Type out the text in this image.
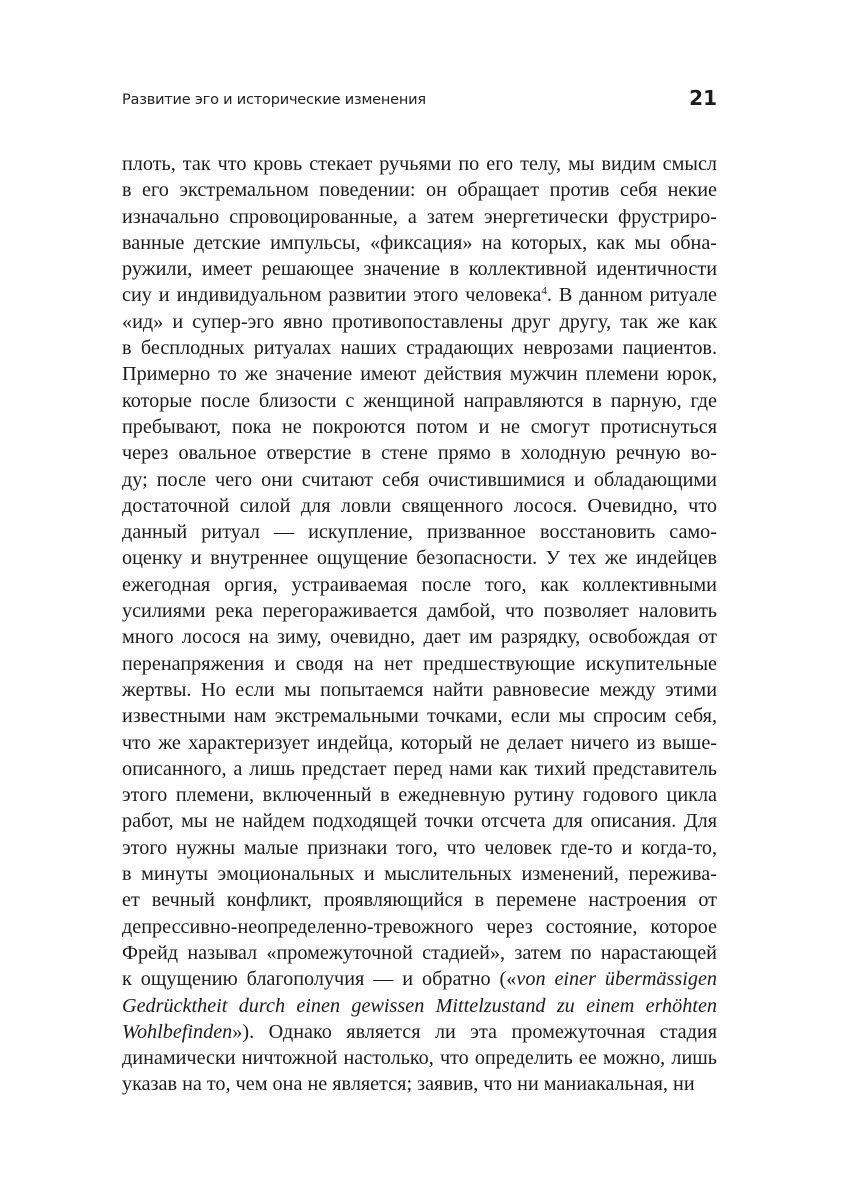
Развитие эго и исторические изменения	21
плоть, так что кровь стекает ручьями по его телу, мы видим смысл
в его экстремальном поведении: он обращает против себя некие
изначально спровоцированные, а затем энергетически фрустриро-
ванные детские импульсы, «фиксация» на которых, как мы обна-
ружили, имеет решающее значение в коллективной идентичности
сиу и индивидуальном развитии этого человека$^4$. В данном ритуале
«ид» и супер-эго явно противопоставлены друг другу, так же как
в бесплодных ритуалах наших страдающих неврозами пациентов.
Примерно то же значение имеют действия мужчин племени юрок,
которые после близости с женщиной направляются в парную, где
пребывают, пока не покроются потом и не смогут протиснуться
через овальное отверстие в стене прямо в холодную речную во-
ду; после чего они считают себя очистившимися и обладающими
достаточной силой для ловли священного лосося. Очевидно, что
данный ритуал — искупление, призванное восстановить само-
оценку и внутреннее ощущение безопасности. У тех же индейцев
ежегодная оргия, устраиваемая после того, как коллективными
усилиями река перегораживается дамбой, что позволяет наловить
много лосося на зиму, очевидно, дает им разрядку, освобождая от
перенапряжения и сводя на нет предшествующие искупительные
жертвы. Но если мы попытаемся найти равновесие между этими
известными нам экстремальными точками, если мы спросим себя,
что же характеризует индейца, который не делает ничего из выше-
описанного, а лишь предстает перед нами как тихий представитель
этого племени, включенный в ежедневную рутину годового цикла
работ, мы не найдем подходящей точки отсчета для описания. Для
этого нужны малые признаки того, что человек где-то и когда-то,
в минуты эмоциональных и мыслительных изменений, пережива-
ет вечный конфликт, проявляющийся в перемене настроения от
депрессивно-неопределенно-тревожного через состояние, которое
Фрейд называл «промежуточной стадией», затем по нарастающей
к ощущению благополучия — и обратно («von einer übermässigen
Gedrücktheit durch einen gewissen Mittelzustand zu einem erhöhten
Wohlbefinden»). Однако является ли эта промежуточная стадия
динамически ничтожной настолько, что определить ее можно, лишь
указав на то, чем она не является; заявив, что ни маниакальная, ни
